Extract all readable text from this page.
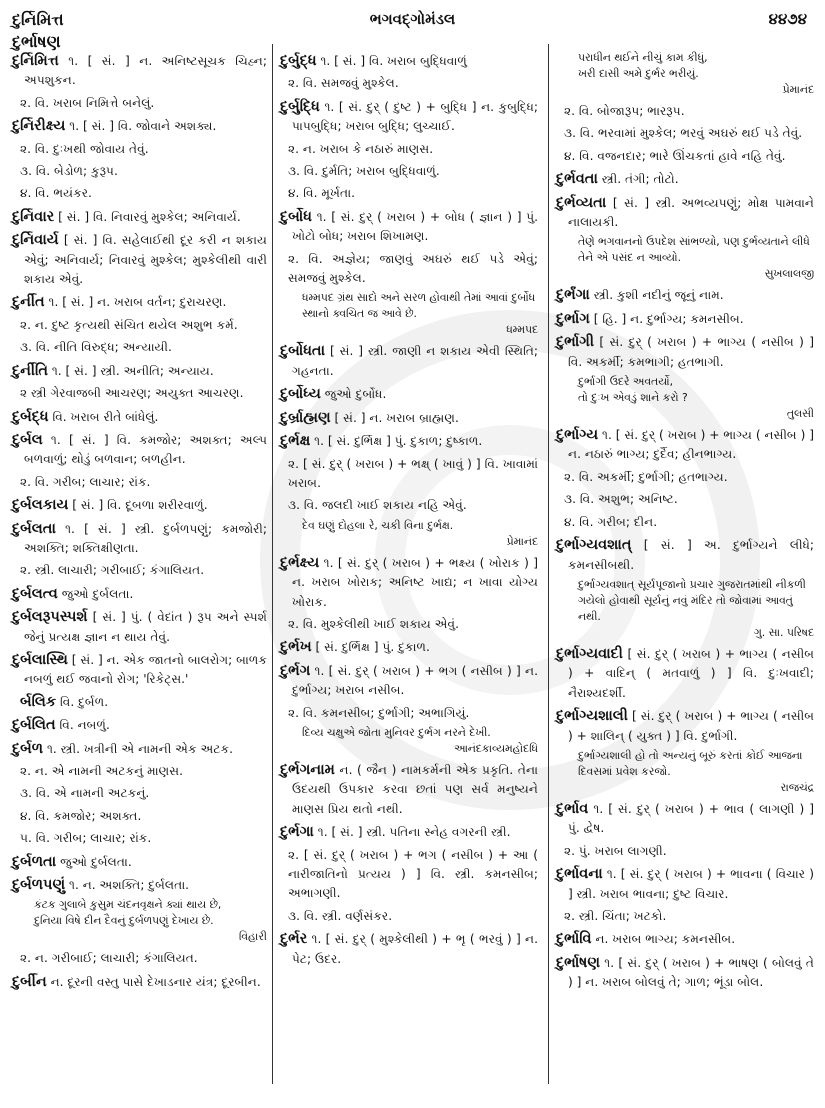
દુર્નિમિત્ત
દુર્ભાષણ
ભગવદ્ગોમંડલ	૪૪૭૪
દુર્નિમિત્ત ૧. [ સં. ] ન. અનિષ્ટસૂચક ચિહ્ન; અપશુકન.
૨. વિ. ખરાબ નિમિત્તે બનેલું.
દુર્નિરીક્ષ્ય ૧. [ સં. ] વિ. જોવાને અશક્ય.
૨. વિ. દુઃખથી જોવાય તેવું.
૩. વિ. બેડોળ; કુરૂપ.
૪. વિ. ભયંકર.
દુર્નિવાર [ સં. ] વિ. નિવારવું મુશ્કેલ; અનિવાર્ય.
દુર્નિવાર્ય [ સં. ] વિ. સહેલાઈથી દૂર કરી ન શકાય એવું; અનિવાર્ય; નિવારવું મુશ્કેલ; મુશ્કેલીથી વારી શકાય એવું.
દુર્નીત ૧. [ સં. ] ન. ખરાબ વર્તન; દુરાચરણ.
૨. ન. દુષ્ટ કૃત્યથી સંચિત થયેલ અશુભ કર્મ.
૩. વિ. નીતિ વિરુદ્ધ; અન્યાયી.
દુર્નીતિ ૧. [ સં. ] સ્ત્રી. અનીતિ; અન્યાય.
૨ સ્ત્રી ગેરવાજબી આચરણ; અયુક્ત આચરણ.
દુર્બદ્ધ વિ. ખરાબ રીતે બાંધેલું.
દુર્બલ ૧. [ સં. ] વિ. કમજોર; અશક્ત; અલ્પ બળવાળું; થોડું બળવાન; બળહીન.
૨. વિ. ગરીબ; લાચાર; રાંક.
દુર્બલકાય [ સં. ] વિ. દૂબળા શરીરવાળું.
દુર્બલતા ૧. [ સં. ] સ્ત્રી. દુર્બળપણું; કમજોરી; અશક્તિ; શક્તિક્ષીણતા.
૨. સ્ત્રી. લાચારી; ગરીબાઈ; કંગાલિયત.
દુર્બલત્વ જુઓ દુર્બલતા.
દુર્બલરૂપસ્પર્શ [ સં. ] પું. ( વેદાંત ) રૂપ અને સ્પર્શ જેનું પ્રત્યક્ષ જ્ઞાન ન થાય તેવું.
દુર્બલાસ્થિ [ સં. ] ન. એક જાતનો બાલરોગ; બાળક નબળું થઈ જવાનો રોગ; 'રિકેટ્સ.'
ર્બલિક વિ. દુર્બળ.
દુર્બલિત વિ. નબળું.
દુર્બળ ૧. સ્ત્રી. ખત્રીની એ નામની એક અટક.
૨. ન. એ નામની અટકનું માણસ.
૩. વિ. એ નામની અટકનું.
૪. વિ. કમજોર; અશક્ત.
૫. વિ. ગરીબ; લાચાર; રાંક.
દુર્બળતા જુઓ દુર્બલતા.
દુર્બળપણું ૧. ન. અશક્તિ; દુર્બલતા.
કંટક ગુલાબે કુસુમ ચંદનવૃક્ષને ક્યાં થાય છે,
દુનિયા વિષે દીન દૈવનું દુર્બળપણું દેખાય છે.
વિહારી
૨. ન. ગરીબાઈ; લાચારી; કંગાલિયત.
દુર્બીન ન. દૂરની વસ્તુ પાસે દેખાડનાર યંત્ર; દૂરબીન.
દુર્બુદ્ધ ૧. [ સં. ] વિ. ખરાબ બુદ્ધિવાળું
૨. વિ. સમજવું મુશ્કેલ.
દુર્બુદ્ધિ ૧. [ સં. દુર્ ( દુષ્ટ ) + બુદ્ધિ ] ન. કુબુદ્ધિ; પાપબુદ્ધિ; ખરાબ બુદ્ધિ; લુચ્ચાઈ.
૨. ન. ખરાબ કે નઠારું માણસ.
૩. વિ. દુર્મતિ; ખરાબ બુદ્ધિવાળું.
૪. વિ. મૂર્ખતા.
દુર્બોધ ૧. [ સં. દુર્ ( ખરાબ ) + બોધ ( જ્ઞાન ) ] પું. ખોટો બોધ; ખરાબ શિખામણ.
૨. વિ. અજ્ઞેય; જાણવું અઘરું થઈ પડે એવું; સમજવું મુશ્કેલ.
ધમ્મપદ ગ્રંથ સાદો અને સરળ હોવાથી તેમાં આવાં દુર્બોધ સ્થાનો ક્વચિત જ આવે છે.
ધમ્મપદ
દુર્બોધતા [ સં. ] સ્ત્રી. જાણી ન શકાય એવી સ્થિતિ; ગહનતા.
દુર્બોધ્ય જુઓ દુર્બોધ.
દુર્બ્રાહ્મણ [ સં. ] ન. ખરાબ બ્રાહ્મણ.
દુર્ભક્ષ ૧. [ સં. દુર્ભિક્ષ ] પું. દુકાળ; દુષ્કાળ.
૨. [ સં. દુર્ ( ખરાબ ) + ભક્ષ્ ( ખાવું ) ] વિ. ખાવામાં ખરાબ.
૩. વિ. જલદી ખાઈ શકાય નહિ એવું.
દેવ ઘણું દોહલા રે, ચકી વિના દુર્ભક્ષ.
પ્રેમાનંદ
દુર્ભક્ષ્ય ૧. [ સં. દુર્ ( ખરાબ ) + ભક્ષ્ય ( ખોરાક ) ] ન. ખરાબ ખોરાક; અનિષ્ટ ખાદ્ય; ન ખાવા યોગ્ય ખોરાક.
૨. વિ. મુશ્કેલીથી ખાઈ શકાય એવું.
દુર્ભખ [ સં. દુર્ભિક્ષ ] પું. દુકાળ.
દુર્ભગ ૧. [ સં. દુર્ ( ખરાબ ) + ભગ ( નસીબ ) ] ન. દુર્ભાગ્ય; ખરાબ નસીબ.
૨. વિ. કમનસીબ; દુર્ભાગી; અભાગિયું.
દિવ્ય ચક્ષુએ જોતા મુનિવર દુર્ભગ નરને દેખી.
આનંદકાવ્યમહોદધિ
દુર્ભગનામ ન. ( જૈન ) નામકર્મની એક પ્રકૃતિ. તેના ઉદયથી ઉપકાર કરવા છતાં પણ સર્વ મનુષ્યને માણસ પ્રિય થતો નથી.
દુર્ભગા ૧. [ સં. ] સ્ત્રી. પતિના સ્નેહ વગરની સ્ત્રી.
૨. [ સં. દુર્ ( ખરાબ ) + ભગ ( નસીબ ) + આ ( નારીજાતિનો પ્રત્યય ) ] વિ. સ્ત્રી. કમનસીબ; અભાગણી.
૩. વિ. સ્ત્રી. વર્ણસંકર.
દુર્ભર ૧. [ સં. દુર્ ( મુશ્કેલીથી ) + ભૃ ( ભરવું ) ] ન. પેટ; ઉદર.
પરાધીન થઈને નીચું કામ કીધું,
ખરી દાસી અમે દુર્ભર ભરીયું.
પ્રેમાનંદ
૨. વિ. બોજારૂપ; ભારરૂપ.
૩. વિ. ભરવામાં મુશ્કેલ; ભરવું અઘરું થઈ પડે તેવું.
૪. વિ. વજનદાર; ભારે ઊંચકતાં હાવે નહિ તેવું.
દુર્ભવતા સ્ત્રી. તંગી; તોટો.
દુર્ભવ્યતા [ સં. ] સ્ત્રી. અભવ્યપણું; મોક્ષ પામવાને નાલાયકી.
તેણે ભગવાનનો ઉપદેશ સાંભળ્યો, પણ દુર્ભવ્યતાને લીધે તેને એ પસંદ ન આવ્યો.
સુખલાલજી
દુર્ભંગા સ્ત્રી. કુશી નદીનું જૂનું નામ.
દુર્ભાગ [ હિ. ] ન. દુર્ભાગ્ય; કમનસીબ.
દુર્ભાગી [ સં. દુર્ ( ખરાબ ) + ભાગ્ય ( નસીબ ) ] વિ. અકર્મી; કમભાગી; હતભાગી.
દુર્ભાગી ઉદરે અવતર્યો,
તો દુઃખ એવડું શાને કરો ?
તુલસી
દુર્ભાગ્ય ૧. [ સં. દુર્ ( ખરાબ ) + ભાગ્ય ( નસીબ ) ] ન. નઠારું ભાગ્ય; દુર્દૈવ; હીનભાગ્ય.
૨. વિ. અકર્મી; દુર્ભાગી; હતભાગ્ય.
૩. વિ. અશુભ; અનિષ્ટ.
૪. વિ. ગરીબ; દીન.
દુર્ભાગ્યવશાત્ [ સં. ] અ. દુર્ભાગ્યને લીધે; કમનસીબથી.
દુર્ભાગ્યવશાત્ સૂર્યપૂજાનો પ્રચાર ગુજરાતમાંથી નીકળી ગયેલો હોવાથી સૂર્યનું નવું મંદિર તો જોવામાં આવતું નથી.
ગુ. સા. પરિષદ
દુર્ભાગ્યવાદી [ સં. દુર્ ( ખરાબ ) + ભાગ્ય ( નસીબ ) + વાદિન્ ( મતવાળું ) ] વિ. દુઃખવાદી; નૈરાશ્યદર્શી.
દુર્ભાગ્યશાલી [ સં. દુર્ ( ખરાબ ) + ભાગ્ય ( નસીબ ) + શાલિન્ ( યુક્ત ) ] વિ. દુર્ભાગી.
દુર્ભાગ્યશાલી હો તો અન્યનું બૂરું કરતાં કોઈ આજના દિવસમાં પ્રવેશ કરજો.
રાજચંદ્ર
દુર્ભાવ ૧. [ સં. દુર્ ( ખરાબ ) + ભાવ ( લાગણી ) ] પું. દ્વેષ.
૨. પું. ખરાબ લાગણી.
દુર્ભાવના ૧. [ સં. દુર્ ( ખરાબ ) + ભાવના ( વિચાર ) ] સ્ત્રી. ખરાબ ભાવના; દુષ્ટ વિચાર.
૨. સ્ત્રી. ચિંતા; ખટકો.
દુર્ભાવિ ન. ખરાબ ભાગ્ય; કમનસીબ.
દુર્ભાષણ ૧. [ સં. દુર્ ( ખરાબ ) + ભાષણ ( બોલવું તે ) ] ન. ખરાબ બોલવું તે; ગાળ; ભૂંડા બોલ.
